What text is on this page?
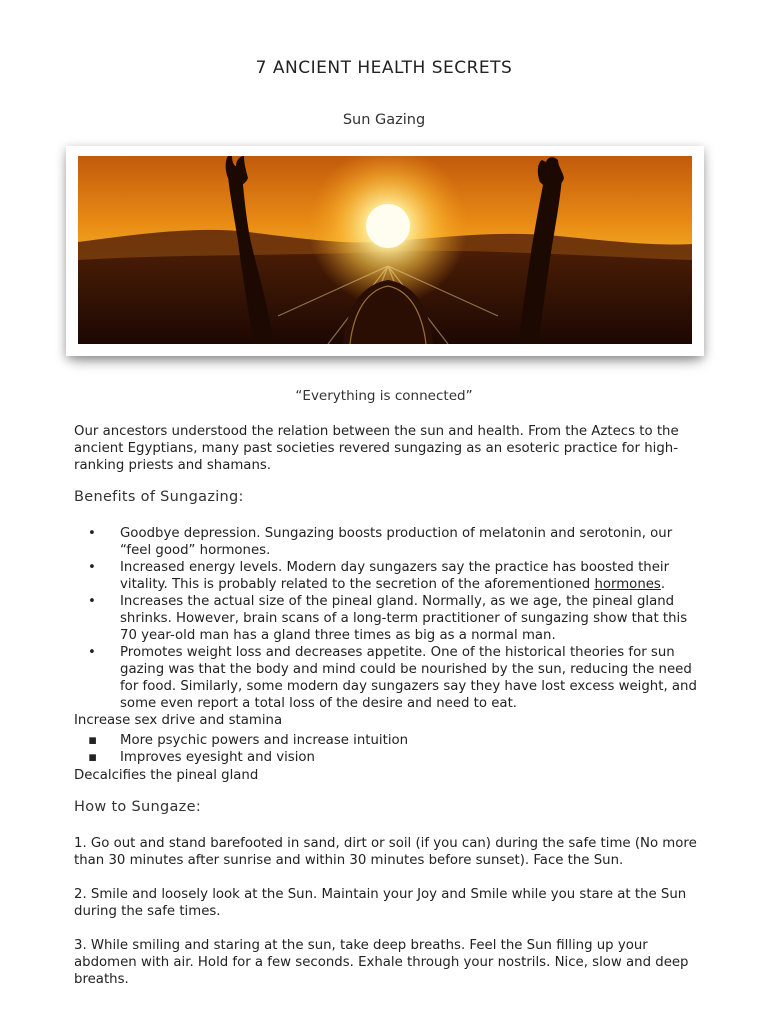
7 ANCIENT HEALTH SECRETS
Sun Gazing
“Everything is connected”
Our ancestors understood the relation between the sun and health. From the Aztecs to the ancient Egyptians, many past societies revered sungazing as an esoteric practice for high-ranking priests and shamans.
Benefits of Sungazing:
• Goodbye depression. Sungazing boosts production of melatonin and serotonin, our “feel good” hormones.
• Increased energy levels. Modern day sungazers say the practice has boosted their vitality. This is probably related to the secretion of the aforementioned hormones.
• Increases the actual size of the pineal gland. Normally, as we age, the pineal gland shrinks. However, brain scans of a long-term practitioner of sungazing show that this 70 year-old man has a gland three times as big as a normal man.
• Promotes weight loss and decreases appetite. One of the historical theories for sun gazing was that the body and mind could be nourished by the sun, reducing the need for food. Similarly, some modern day sungazers say they have lost excess weight, and some even report a total loss of the desire and need to eat.
Increase sex drive and stamina
▪ More psychic powers and increase intuition
▪ Improves eyesight and vision
Decalcifies the pineal gland
How to Sungaze:
1. Go out and stand barefooted in sand, dirt or soil (if you can) during the safe time (No more than 30 minutes after sunrise and within 30 minutes before sunset). Face the Sun.
2. Smile and loosely look at the Sun. Maintain your Joy and Smile while you stare at the Sun during the safe times.
3. While smiling and staring at the sun, take deep breaths. Feel the Sun filling up your abdomen with air. Hold for a few seconds. Exhale through your nostrils. Nice, slow and deep breaths.
